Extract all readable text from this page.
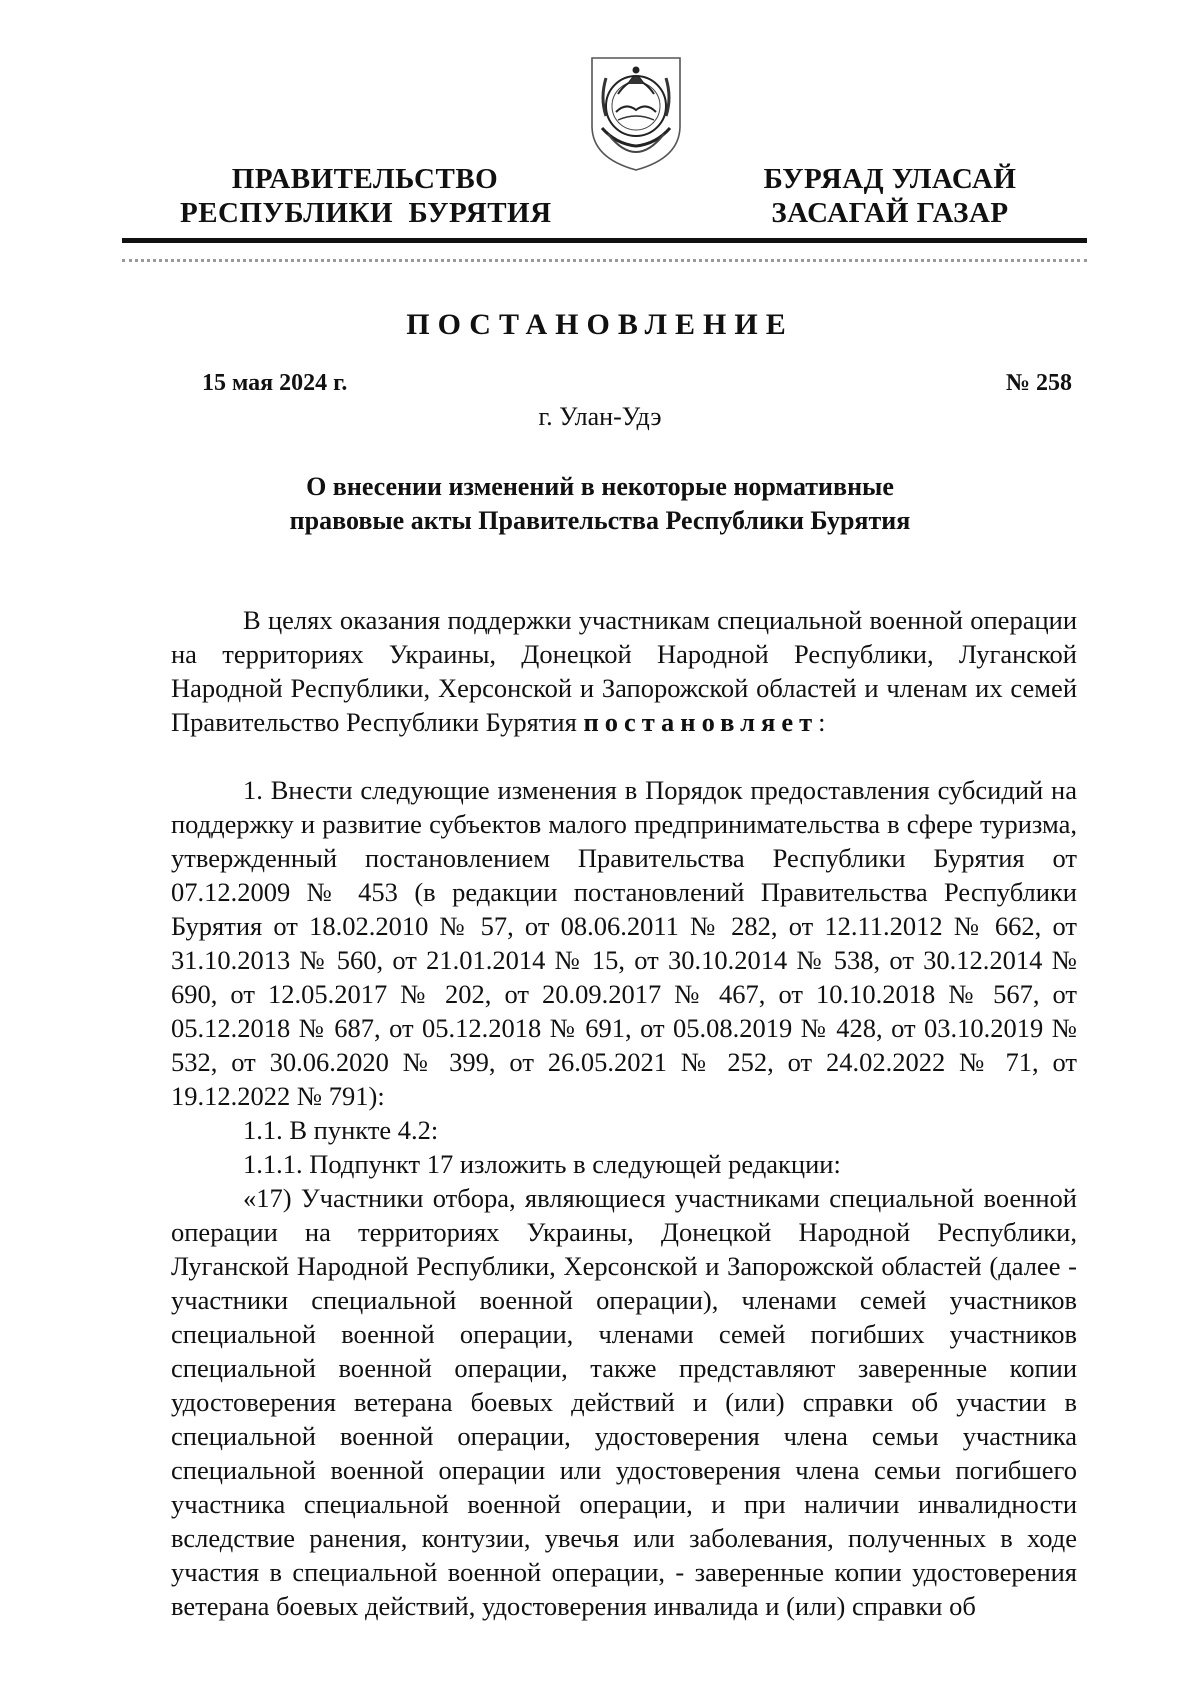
ПРАВИТЕЛЬСТВО
РЕСПУБЛИКИ  БУРЯТИЯ
БУРЯАД УЛАСАЙ
ЗАСАГАЙ ГАЗАР
ПОСТАНОВЛЕНИЕ
15 мая 2024 г.	№ 258
г. Улан-Удэ
О внесении изменений в некоторые нормативные
правовые акты Правительства Республики Бурятия

В целях оказания поддержки участникам специальной военной операции на территориях Украины, Донецкой Народной Республики, Луганской Народной Республики, Херсонской и Запорожской областей и членам их семей Правительство Республики Бурятия постановляет:

1. Внести следующие изменения в Порядок предоставления субсидий на поддержку и развитие субъектов малого предпринимательства в сфере туризма, утвержденный постановлением Правительства Республики Бурятия от 07.12.2009 № 453 (в редакции постановлений Правительства Республики Бурятия от 18.02.2010 № 57, от 08.06.2011 № 282, от 12.11.2012 № 662, от 31.10.2013 № 560, от 21.01.2014 № 15, от 30.10.2014 № 538, от 30.12.2014 № 690, от 12.05.2017 № 202, от 20.09.2017 № 467, от 10.10.2018 № 567, от 05.12.2018 № 687, от 05.12.2018 № 691, от 05.08.2019 № 428, от 03.10.2019 № 532, от 30.06.2020 № 399, от 26.05.2021 № 252, от 24.02.2022 № 71, от 19.12.2022 № 791):

1.1. В пункте 4.2:

1.1.1. Подпункт 17 изложить в следующей редакции:

«17) Участники отбора, являющиеся участниками специальной военной операции на территориях Украины, Донецкой Народной Республики, Луганской Народной Республики, Херсонской и Запорожской областей (далее - участники специальной военной операции), членами семей участников специальной военной операции, членами семей погибших участников специальной военной операции, также представляют заверенные копии удостоверения ветерана боевых действий и (или) справки об участии в специальной военной операции, удостоверения члена семьи участника специальной военной операции или удостоверения члена семьи погибшего участника специальной военной операции, и при наличии инвалидности вследствие ранения, контузии, увечья или заболевания, полученных в ходе участия в специальной военной операции, - заверенные копии удостоверения ветерана боевых действий, удостоверения инвалида и (или) справки об
